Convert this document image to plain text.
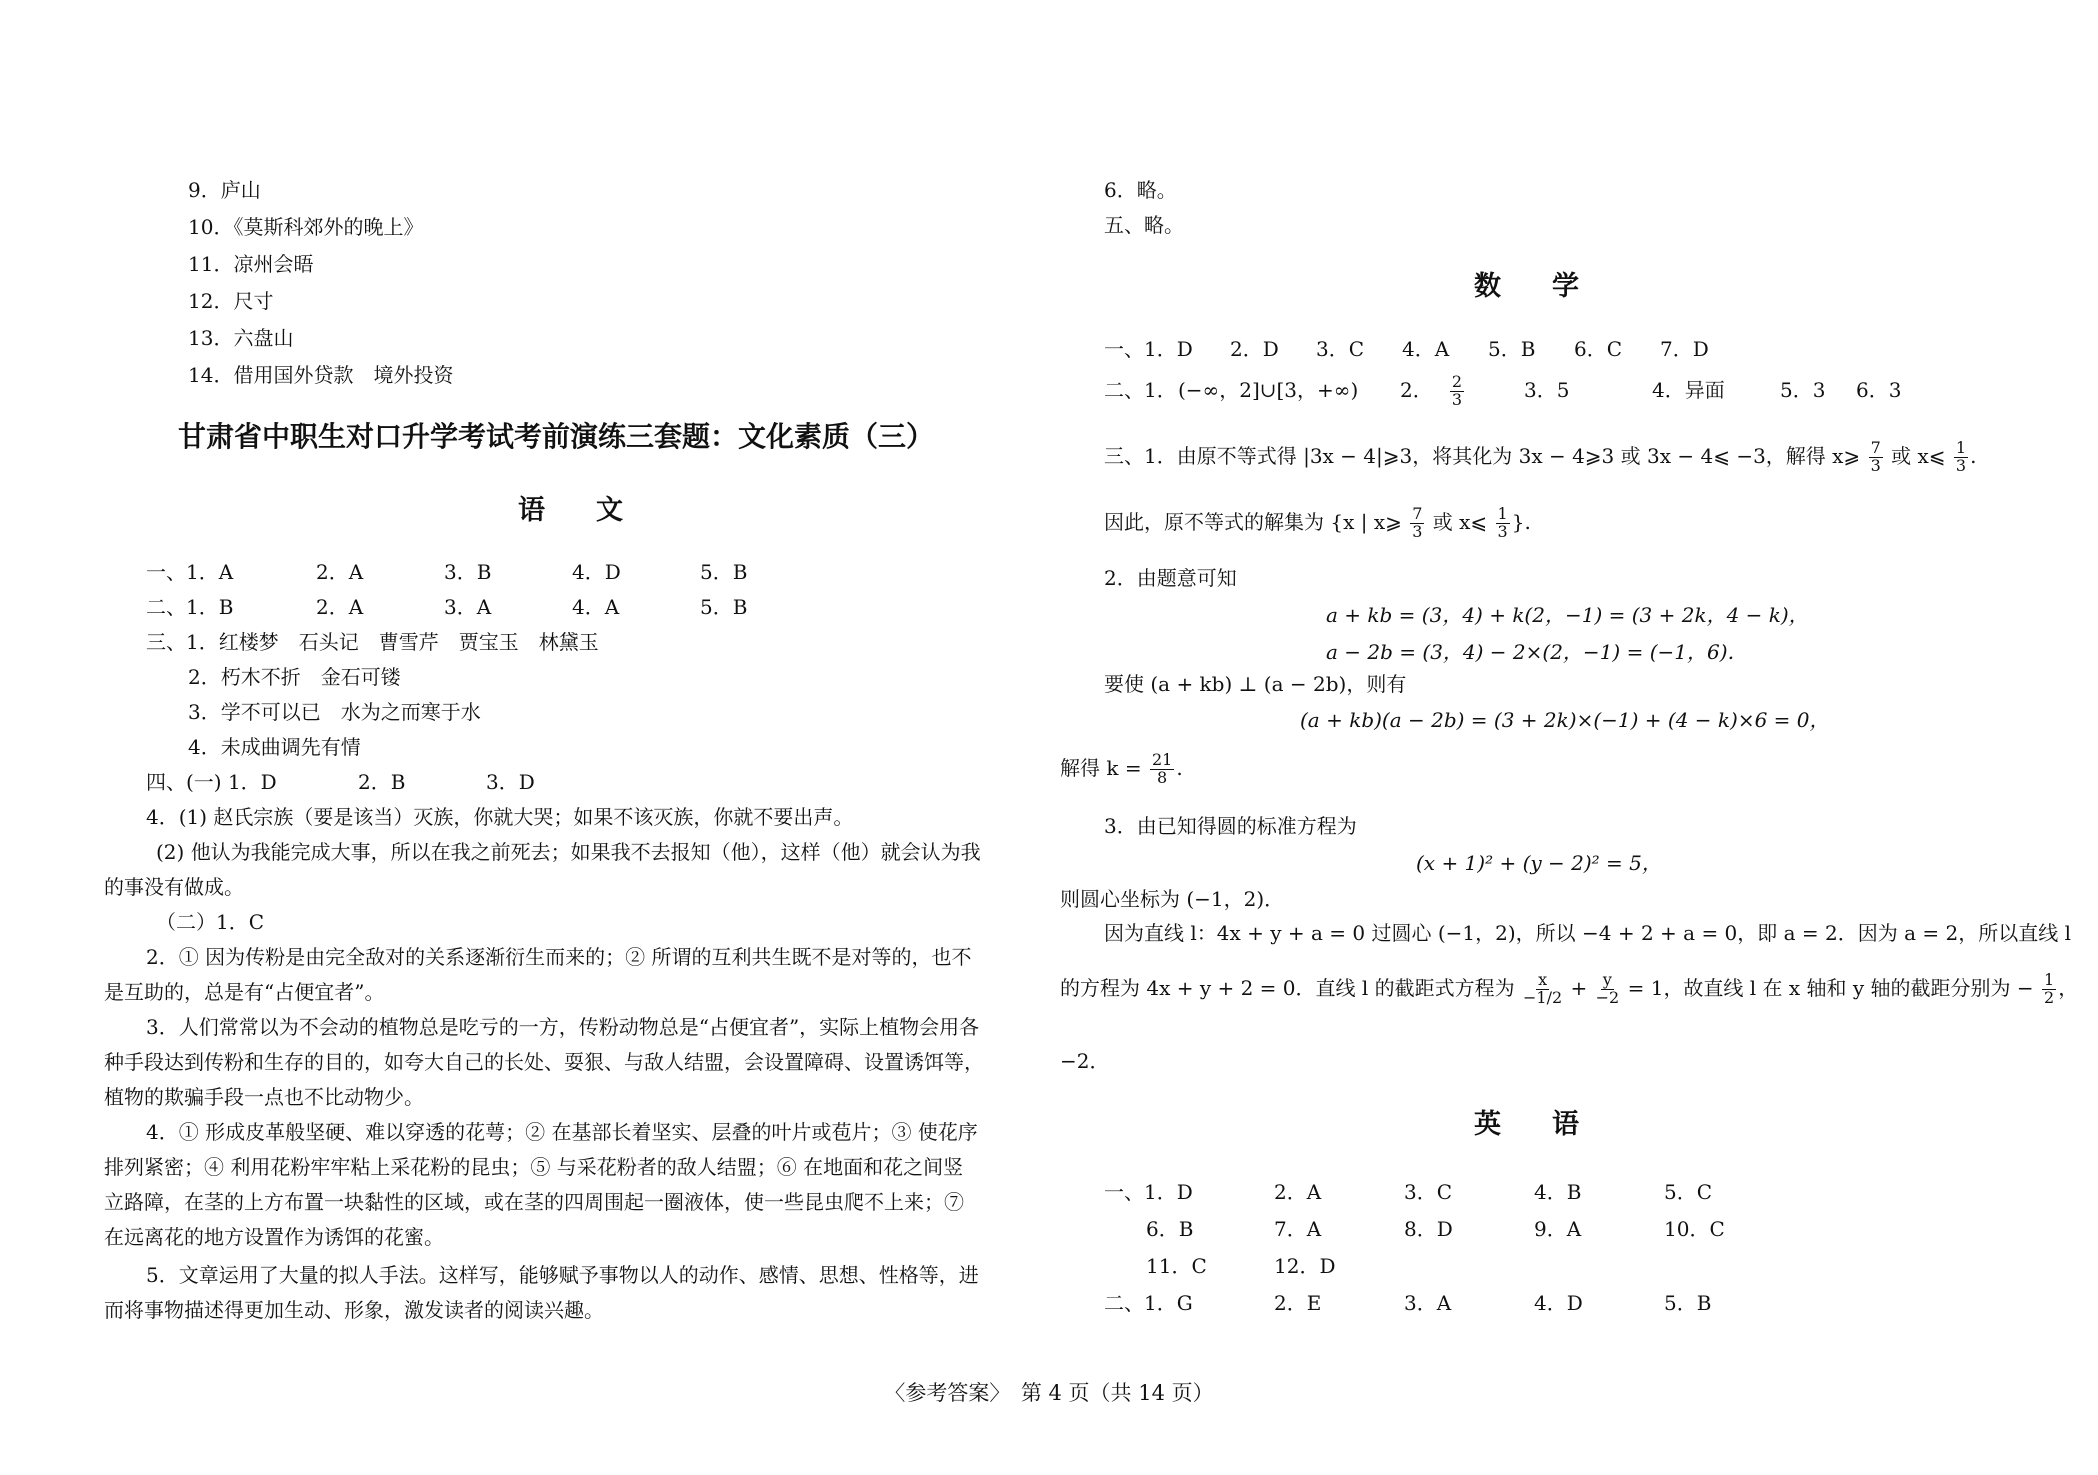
9．庐山
10．《莫斯科郊外的晚上》
11．凉州会晤
12．尺寸
13．六盘山
14．借用国外贷款　境外投资
甘肃省中职生对口升学考试考前演练三套题：文化素质（三）
语　文
一、1．A	2．A	3．B	4．D	5．B
二、1．B	2．A	3．A	4．A	5．B
三、1．红楼梦　石头记　曹雪芹　贾宝玉　林黛玉
2．朽木不折　金石可镂
3．学不可以已　水为之而寒于水
4．未成曲调先有情
四、(一) 1．D	2．B	3．D
4．(1) 赵氏宗族（要是该当）灭族，你就大哭；如果不该灭族，你就不要出声。
(2) 他认为我能完成大事，所以在我之前死去；如果我不去报知（他），这样（他）就会认为我
的事没有做成。
（二）1．C
2．① 因为传粉是由完全敌对的关系逐渐衍生而来的；② 所谓的互利共生既不是对等的，也不
是互助的，总是有“占便宜者”。
3．人们常常以为不会动的植物总是吃亏的一方，传粉动物总是“占便宜者”，实际上植物会用各
种手段达到传粉和生存的目的，如夸大自己的长处、耍狠、与敌人结盟，会设置障碍、设置诱饵等，
植物的欺骗手段一点也不比动物少。
4．① 形成皮革般坚硬、难以穿透的花萼；② 在基部长着坚实、层叠的叶片或苞片；③ 使花序
排列紧密；④ 利用花粉牢牢粘上采花粉的昆虫；⑤ 与采花粉者的敌人结盟；⑥ 在地面和花之间竖
立路障，在茎的上方布置一块黏性的区域，或在茎的四周围起一圈液体，使一些昆虫爬不上来；⑦
在远离花的地方设置作为诱饵的花蜜。
5．文章运用了大量的拟人手法。这样写，能够赋予事物以人的动作、感情、思想、性格等，进
而将事物描述得更加生动、形象，激发读者的阅读兴趣。
6．略。
五、略。
数　学
一、1．D 2．D 3．C 4．A 5．B 6．C 7．D
二、1．(−∞，2]∪[3，+∞) 2． $\frac{2}{3} 3$．5	4．异面	5．3 6．3
三、1．由原不等式得 |3x − 4|⩾3，将其化为 3x − 4⩾3 或 3x − 4⩽ −3，解得 x⩾ $\frac{7}{3}$ 或 x⩽ $\frac{1}{3}$ .
因此，原不等式的解集为 {x | x⩾ $\frac{7}{3}$ 或 x⩽ $\frac{1}{3}$ }.
2．由题意可知
a + kb = (3，4) + k(2，−1) = (3 + 2k，4 − k)，
a − 2b = (3，4) − 2×(2，−1) = (−1，6)．
要使 (a + kb) ⊥ (a − 2b)，则有
(a + kb)(a − 2b) = (3 + 2k)×(−1) + (4 − k)×6 = 0，
解得 $k = \frac{21}{8}$ .
3．由已知得圆的标准方程为
(x + 1)² + (y − 2)² = 5，
则圆心坐标为 (−1，2)．
因为直线 l：4x + y + a = 0 过圆心 (−1，2)，所以 −4 + 2 + a = 0，即 a = 2．因为 a = 2，所以直线 l
的方程为 4x + y + 2 = 0．直线 l 的截距式方程为 $\frac{x}{-1/2} + \frac{y}{-2} = 1$，故直线 l 在 x 轴和 y 轴的截距分别为 − $\frac{1}{2}$ ，
−2．
英　语
一、1．D	2．A	3．C	4．B	5．C
6．B	7．A	8．D	9．A	10．C
11．C	12．D
二、1．G	2．E	3．A	4．D	5．B
〈参考答案〉　第 4 页（共 14 页）
